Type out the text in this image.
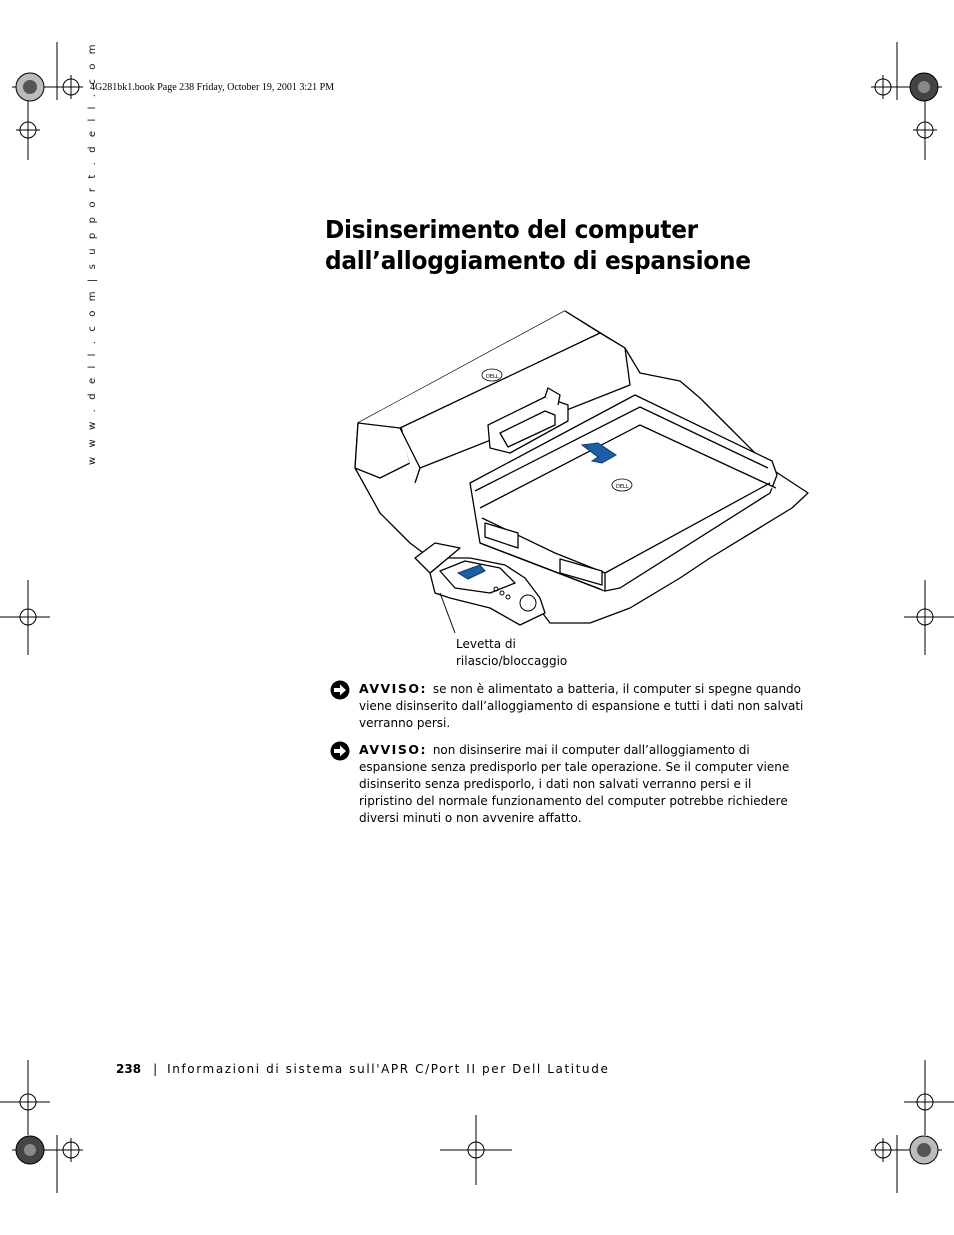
4G281bk1.book Page 238 Friday, October 19, 2001 3:21 PM
w w w . d e l l . c o m | s u p p o r t . d e l l . c o m	Disinserimento del computer
dall’alloggiamento di espansione
DELL
DELL
Levetta di
rilascio/bloccaggio
AVVISO: se non è alimentato a batteria, il computer si spegne quando viene disinserito dall’alloggiamento di espansione e tutti i dati non salvati verranno persi.
AVVISO: non disinserire mai il computer dall’alloggiamento di espansione senza predisporlo per tale operazione. Se il computer viene disinserito senza predisporlo, i dati non salvati verranno persi e il ripristino del normale funzionamento del computer potrebbe richiedere diversi minuti o non avvenire affatto.
238 | Informazioni di sistema sull'APR C/Port II per Dell Latitude
